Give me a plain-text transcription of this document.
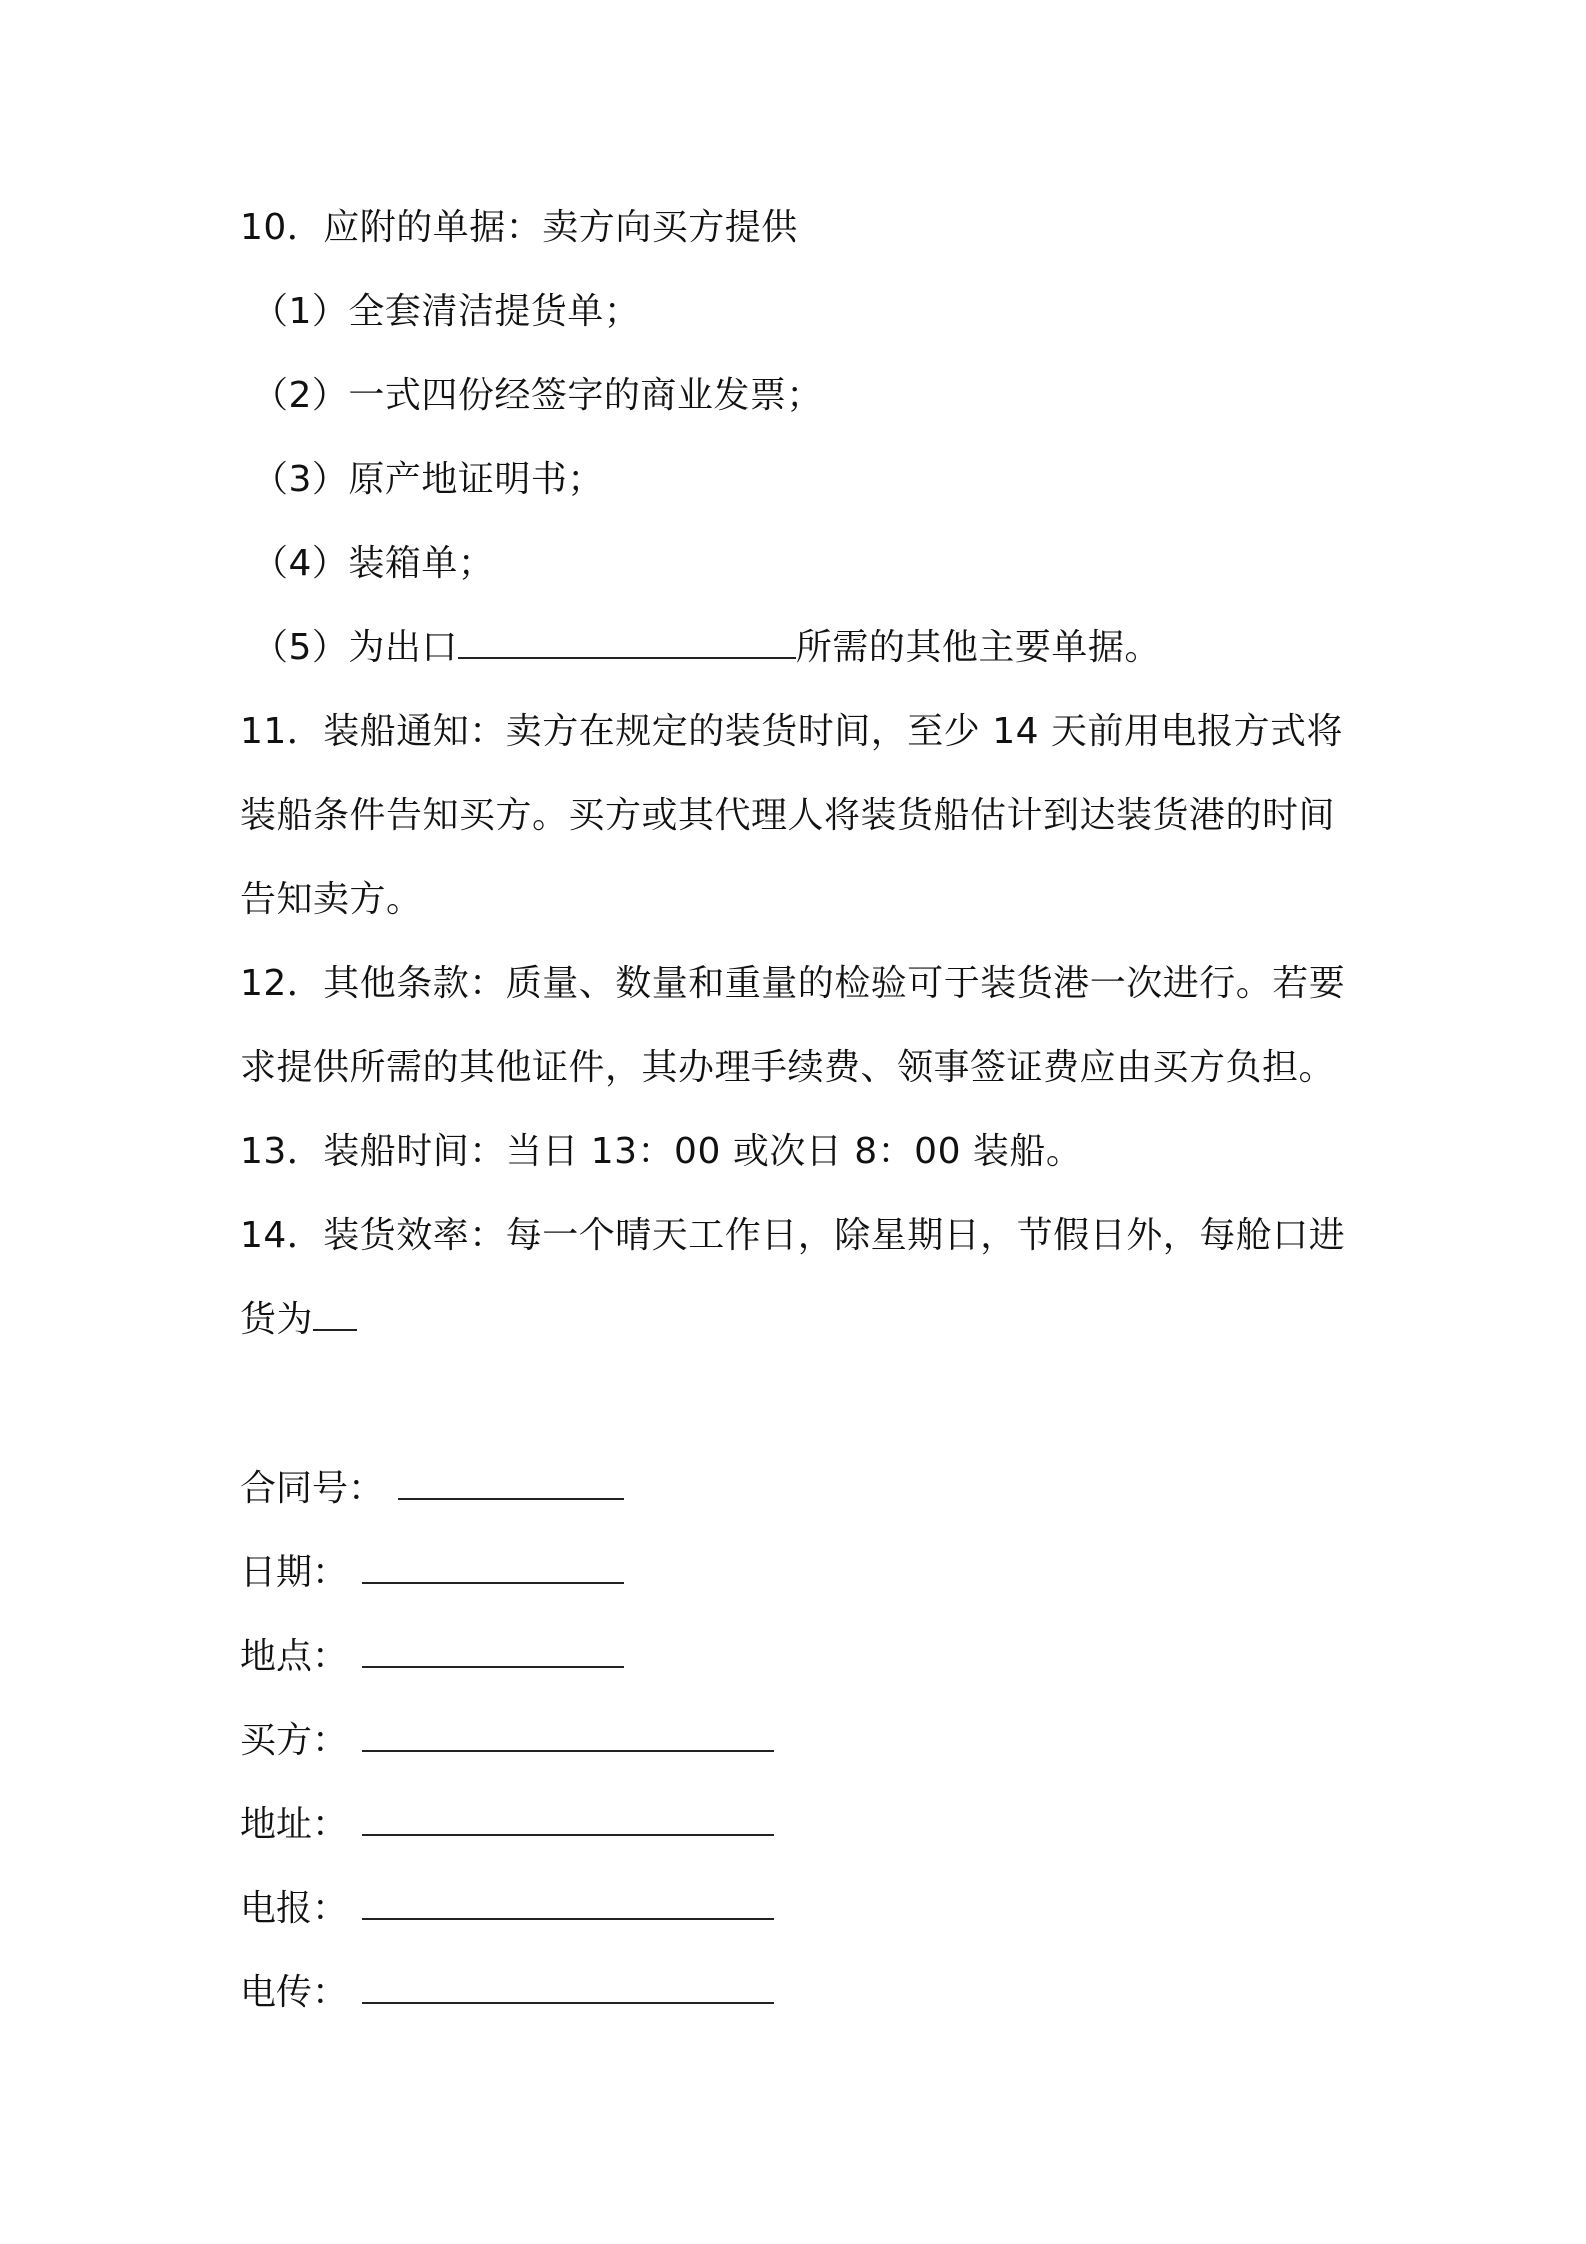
10．应附的单据：卖方向买方提供
（1）全套清洁提货单；
（2）一式四份经签字的商业发票；
（3）原产地证明书；
（4）装箱单；
（5）为出口	所需的其他主要单据。
11．装船通知：卖方在规定的装货时间，至少 14 天前用电报方式将
装船条件告知买方。买方或其代理人将装货船估计到达装货港的时间
告知卖方。
12．其他条款：质量、数量和重量的检验可于装货港一次进行。若要
求提供所需的其他证件，其办理手续费、领事签证费应由买方负担。
13．装船时间：当日 13：00 或次日 8：00 装船。
14．装货效率：每一个晴天工作日，除星期日，节假日外，每舱口进
货为
合同号：
日期：
地点：
买方：
地址：
电报：
电传：
